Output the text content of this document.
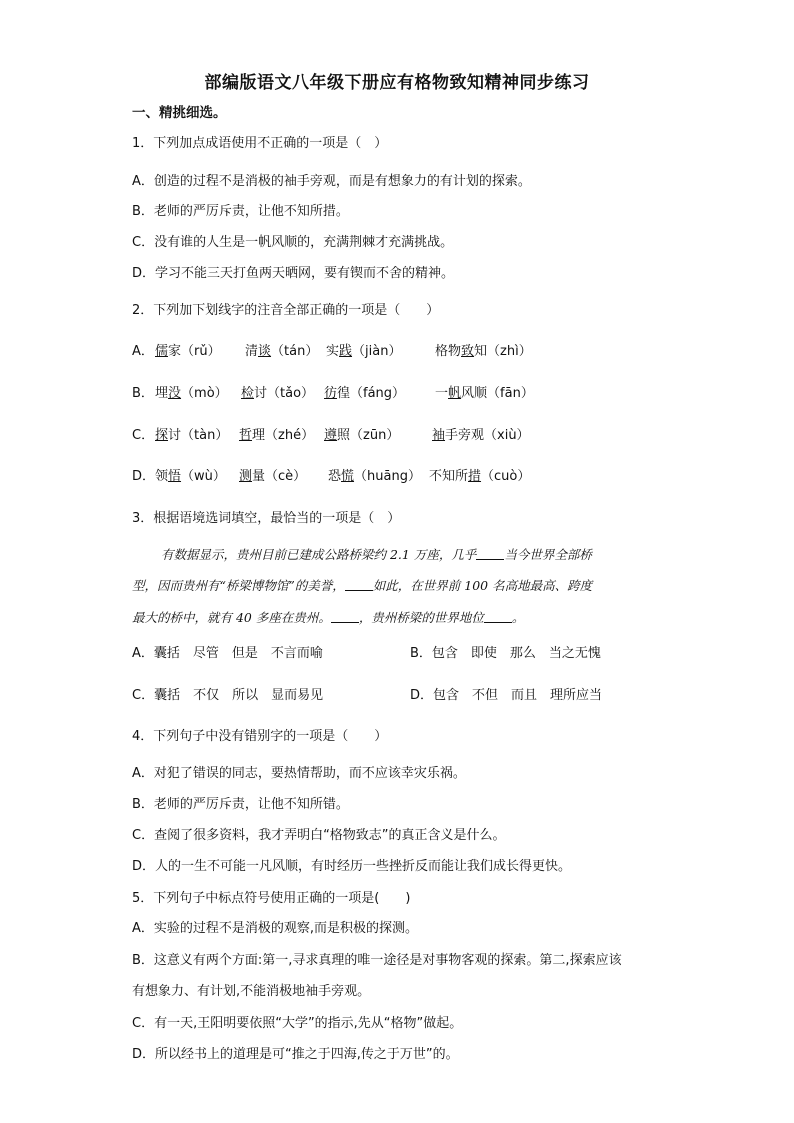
部编版语文八年级下册应有格物致知精神同步练习
一、精挑细选。
1．下列加点成语使用不正确的一项是（　）
A．创造的过程不是消极的袖手旁观，而是有想象力的有计划的探索。
B．老师的严厉斥责，让他不知所措。
C．没有谁的人生是一帆风顺的，充满荆棘才充满挑战。
D．学习不能三天打鱼两天晒网，要有锲而不舍的精神。
2．下列加下划线字的注音全部正确的一项是（　　）
A． 儒家（rǔ） 清谈（tán） 实践（jiàn）	格物致知（zhì）
B． 埋没（mò） 检讨（tǎo） 彷徨（fáng） 一帆风顺（fān）
C． 探讨（tàn） 哲理（zhé） 遵照（zūn）	袖手旁观（xiù）
D． 领悟（wù） 测量（cè） 恐慌（huāng） 不知所措（cuò）
3．根据语境选词填空，最恰当的一项是（　）
有数据显示，贵州目前已建成公路桥梁约 2.1 万座，几乎 当今世界全部桥
型，因而贵州有“桥梁博物馆”的美誉， 如此，在世界前 100 名高地最高、跨度
最大的桥中，就有 40 多座在贵州。 ，贵州桥梁的世界地位 。
A．囊括　尽管　但是　不言而喻	B．包含　即使　那么　当之无愧
C．囊括　不仅　所以　显而易见	D．包含　不但　而且　理所应当
4．下列句子中没有错别字的一项是（　　）
A．对犯了错误的同志，要热情帮助，而不应该幸灾乐祸。
B．老师的严厉斥责，让他不知所错。
C．查阅了很多资料，我才弄明白“格物致志”的真正含义是什么。
D．人的一生不可能一凡风顺，有时经历一些挫折反而能让我们成长得更快。
5．下列句子中标点符号使用正确的一项是(　　)
A．实验的过程不是消极的观察,而是积极的探测。
B．这意义有两个方面:第一,寻求真理的唯一途径是对事物客观的探索。第二,探索应该
有想象力、有计划,不能消极地袖手旁观。
C．有一天,王阳明要依照“大学”的指示,先从“格物”做起。
D．所以经书上的道理是可“推之于四海,传之于万世”的。
